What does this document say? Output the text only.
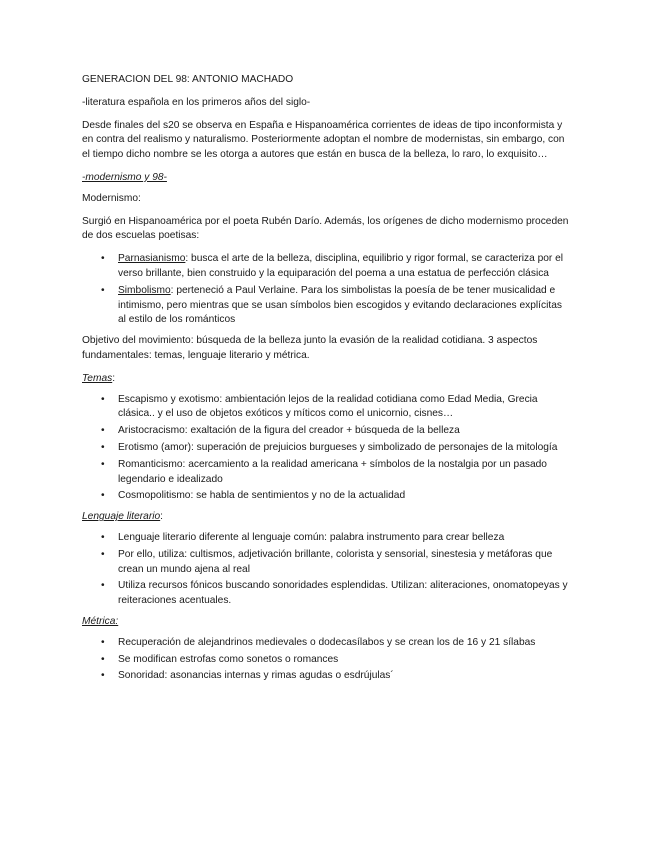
GENERACION DEL 98: ANTONIO MACHADO

-literatura española en los primeros años del siglo-

Desde finales del s20 se observa en España e Hispanoamérica corrientes de ideas de tipo inconformista y en contra del realismo y naturalismo. Posteriormente adoptan el nombre de modernistas, sin embargo, con el tiempo dicho nombre se les otorga a autores que están en busca de la belleza, lo raro, lo exquisito…

-modernismo y 98-

Modernismo:

Surgió en Hispanoamérica por el poeta Rubén Darío. Además, los orígenes de dicho modernismo proceden de dos escuelas poetisas:

• Parnasianismo: busca el arte de la belleza, disciplina, equilibrio y rigor formal, se caracteriza por el verso brillante, bien construido y la equiparación del poema a una estatua de perfección clásica
• Simbolismo: perteneció a Paul Verlaine. Para los simbolistas la poesía de be tener musicalidad e intimismo, pero mientras que se usan símbolos bien escogidos y evitando declaraciones explícitas al estilo de los románticos

Objetivo del movimiento: búsqueda de la belleza junto la evasión de la realidad cotidiana. 3 aspectos fundamentales: temas, lenguaje literario y métrica.

Temas:

• Escapismo y exotismo: ambientación lejos de la realidad cotidiana como Edad Media, Grecia clásica.. y el uso de objetos exóticos y míticos como el unicornio, cisnes…
• Aristocracismo: exaltación de la figura del creador + búsqueda de la belleza
• Erotismo (amor): superación de prejuicios burgueses y simbolizado de personajes de la mitología
• Romanticismo: acercamiento a la realidad americana + símbolos de la nostalgia por un pasado legendario e idealizado
• Cosmopolitismo: se habla de sentimientos y no de la actualidad

Lenguaje literario:

• Lenguaje literario diferente al lenguaje común: palabra instrumento para crear belleza
• Por ello, utiliza: cultismos, adjetivación brillante, colorista y sensorial, sinestesia y metáforas que crean un mundo ajena al real
• Utiliza recursos fónicos buscando sonoridades esplendidas. Utilizan: aliteraciones, onomatopeyas y reiteraciones acentuales.

Métrica:

• Recuperación de alejandrinos medievales o dodecasílabos y se crean los de 16 y 21 sílabas
• Se modifican estrofas como sonetos o romances
• Sonoridad: asonancias internas y rimas agudas o esdrújulas´
